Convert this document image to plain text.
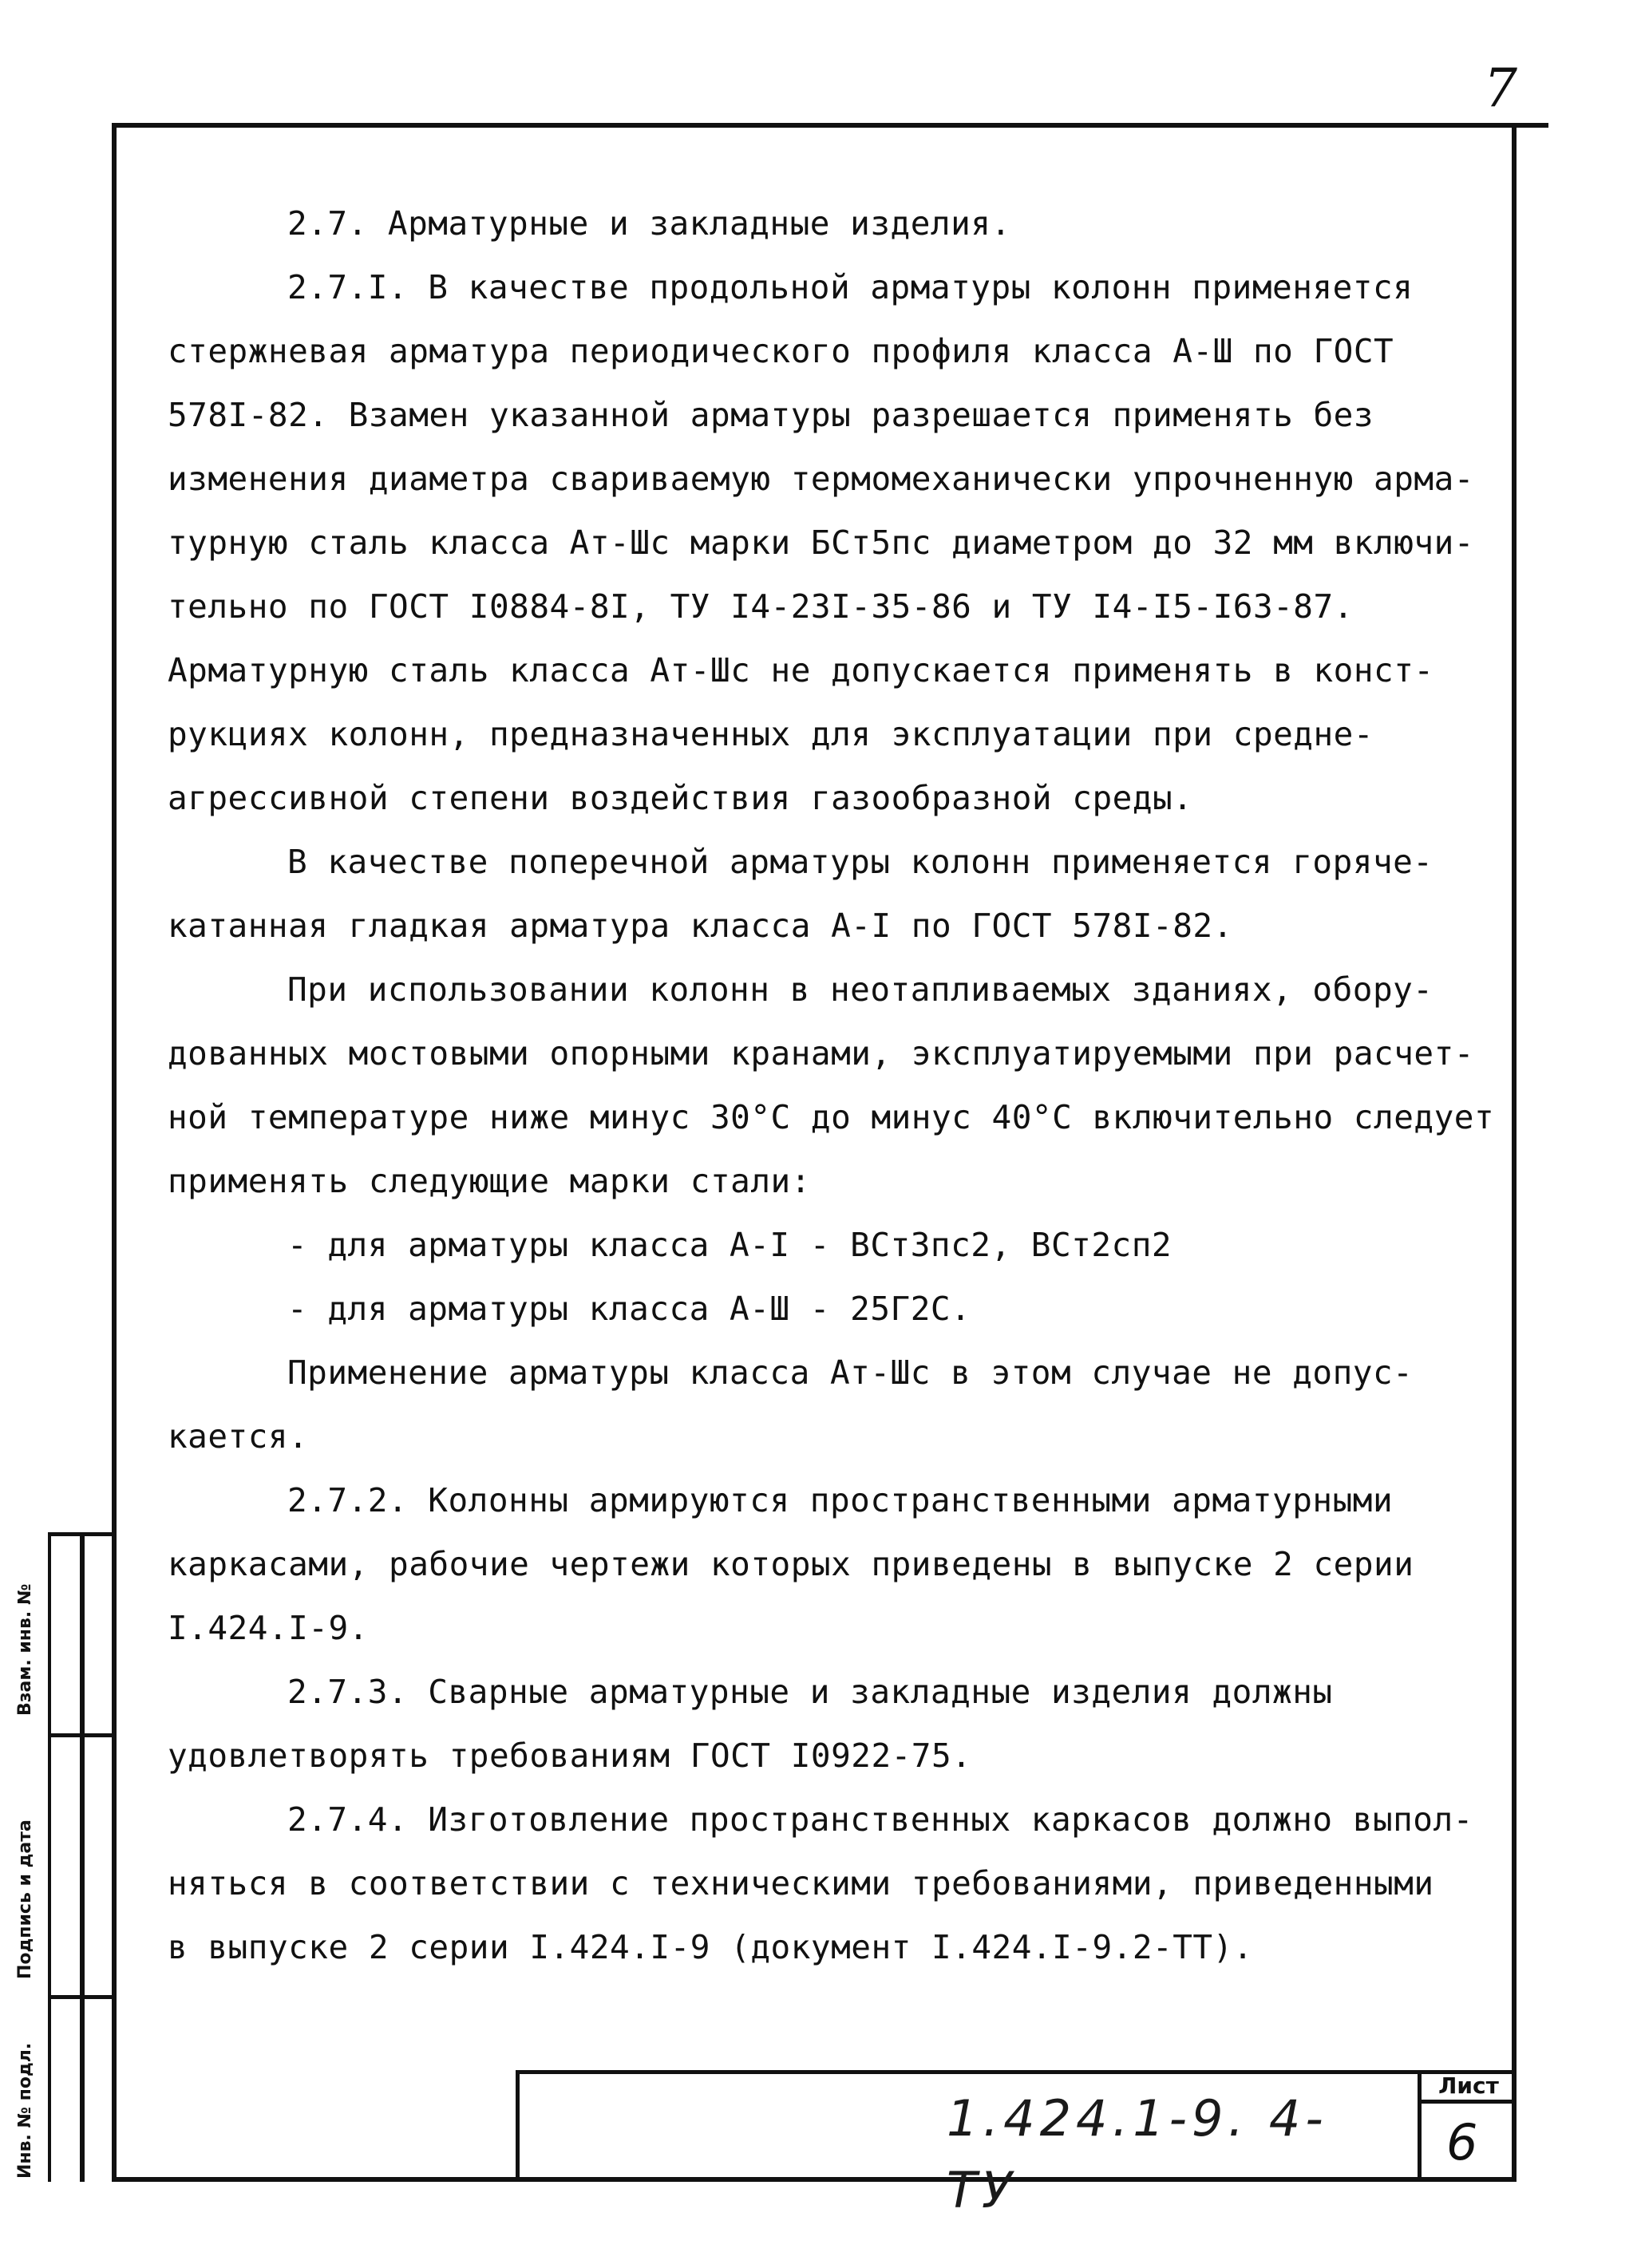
7

2.7. Арматурные и закладные изделия.

2.7.I. В качестве продольной арматуры колонн применяется

стержневая арматура периодического профиля класса А-Ш по ГОСТ

578I-82. Взамен указанной арматуры разрешается применять без

изменения диаметра свариваемую термомеханически упрочненную арма-

турную сталь класса Ат-Шс марки БСт5пс диаметром до 32 мм включи-

тельно по ГОСТ I0884-8I, ТУ I4-23I-35-86 и ТУ I4-I5-I63-87.

Арматурную сталь класса Ат-Шс не допускается применять в конст-

рукциях колонн, предназначенных для эксплуатации при средне-

агрессивной степени воздействия газообразной среды.

В качестве поперечной арматуры колонн применяется горяче-

катанная гладкая арматура класса А-I по ГОСТ 578I-82.

При использовании колонн в неотапливаемых зданиях, обору-

дованных мостовыми опорными кранами, эксплуатируемыми при расчет-

ной температуре ниже минус 30°С до минус 40°С включительно следует

применять следующие марки стали:

- для арматуры класса А-I - ВСт3пс2, ВСт2сп2

- для арматуры класса А-Ш - 25Г2С.

Применение арматуры класса Ат-Шс в этом случае не допус-

кается.

2.7.2. Колонны армируются пространственными арматурными

каркасами, рабочие чертежи которых приведены в выпуске 2 серии

I.424.I-9.

2.7.3. Сварные арматурные и закладные изделия должны

удовлетворять требованиям ГОСТ I0922-75.

2.7.4. Изготовление пространственных каркасов должно выпол-

няться в соответствии с техническими требованиями, приведенными

в выпуске 2 серии I.424.I-9 (документ I.424.I-9.2-ТТ).

1.424.1-9. 4-ТУ
Лист
6
Взам. инв. №
Подпись и дата
Инв. № подл.
